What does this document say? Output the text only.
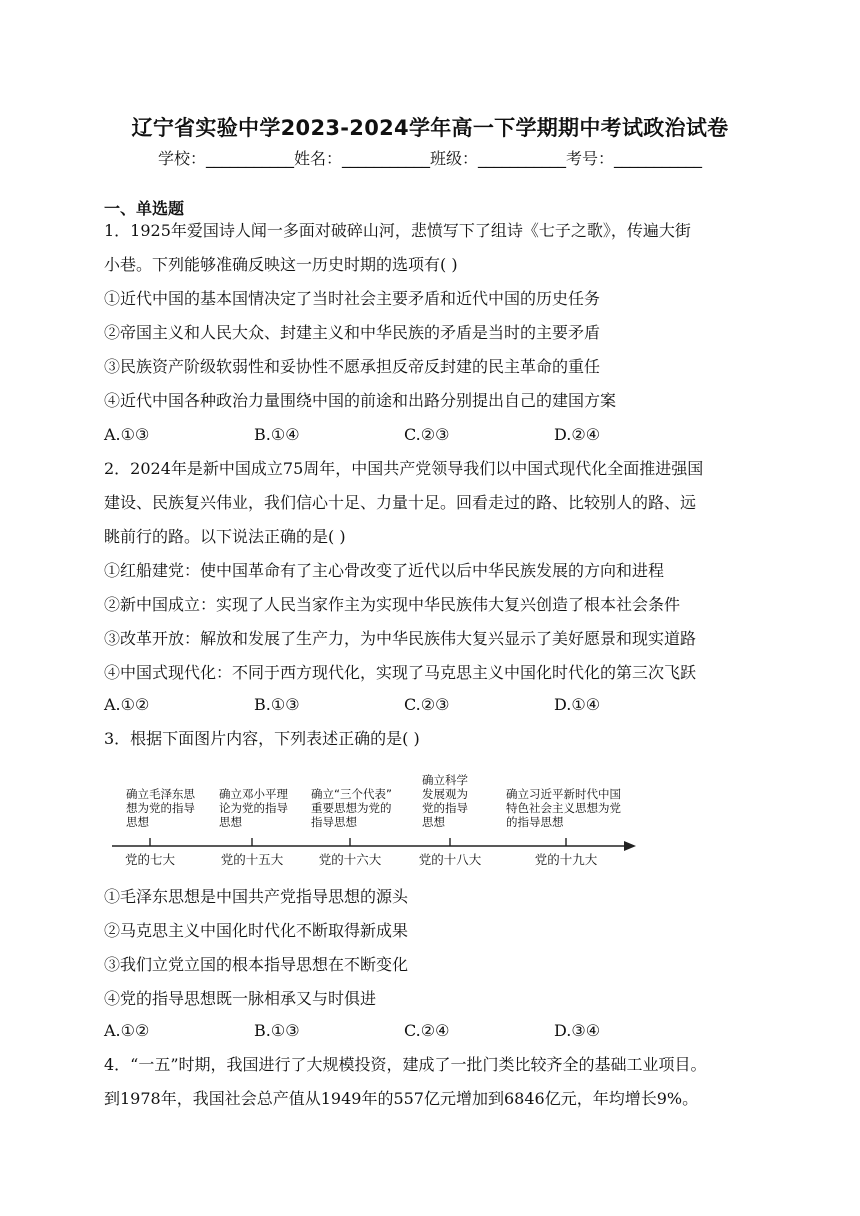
辽宁省实验中学2023-2024学年高一下学期期中考试政治试卷
学校：___________姓名：___________班级：___________考号：___________
一、单选题
1．1925年爱国诗人闻一多面对破碎山河，悲愤写下了组诗《七子之歌》，传遍大街
小巷。下列能够准确反映这一历史时期的选项有( )
①近代中国的基本国情决定了当时社会主要矛盾和近代中国的历史任务
②帝国主义和人民大众、封建主义和中华民族的矛盾是当时的主要矛盾
③民族资产阶级软弱性和妥协性不愿承担反帝反封建的民主革命的重任
④近代中国各种政治力量围绕中国的前途和出路分别提出自己的建国方案
A.①③	B.①④	C.②③	D.②④
2．2024年是新中国成立75周年，中国共产党领导我们以中国式现代化全面推进强国
建设、民族复兴伟业，我们信心十足、力量十足。回看走过的路、比较别人的路、远
眺前行的路。以下说法正确的是( )
①红船建党：使中国革命有了主心骨改变了近代以后中华民族发展的方向和进程
②新中国成立：实现了人民当家作主为实现中华民族伟大复兴创造了根本社会条件
③改革开放：解放和发展了生产力，为中华民族伟大复兴显示了美好愿景和现实道路
④中国式现代化：不同于西方现代化，实现了马克思主义中国化时代化的第三次飞跃
A.①②	B.①③	C.②③	D.①④
3．根据下面图片内容，下列表述正确的是( )
确立毛泽东思
想为党的指导
思想
党的七大
确立邓小平理
论为党的指导
思想
党的十五大
确立“三个代表”
重要思想为党的
指导思想
党的十六大
确立科学
发展观为
党的指导
思想
党的十八大
确立习近平新时代中国
特色社会主义思想为党
的指导思想
党的十九大
①毛泽东思想是中国共产党指导思想的源头
②马克思主义中国化时代化不断取得新成果
③我们立党立国的根本指导思想在不断变化
④党的指导思想既一脉相承又与时俱进
A.①②	B.①③	C.②④	D.③④
4．“一五”时期，我国进行了大规模投资，建成了一批门类比较齐全的基础工业项目。
到1978年，我国社会总产值从1949年的557亿元增加到6846亿元，年均增长9%。
